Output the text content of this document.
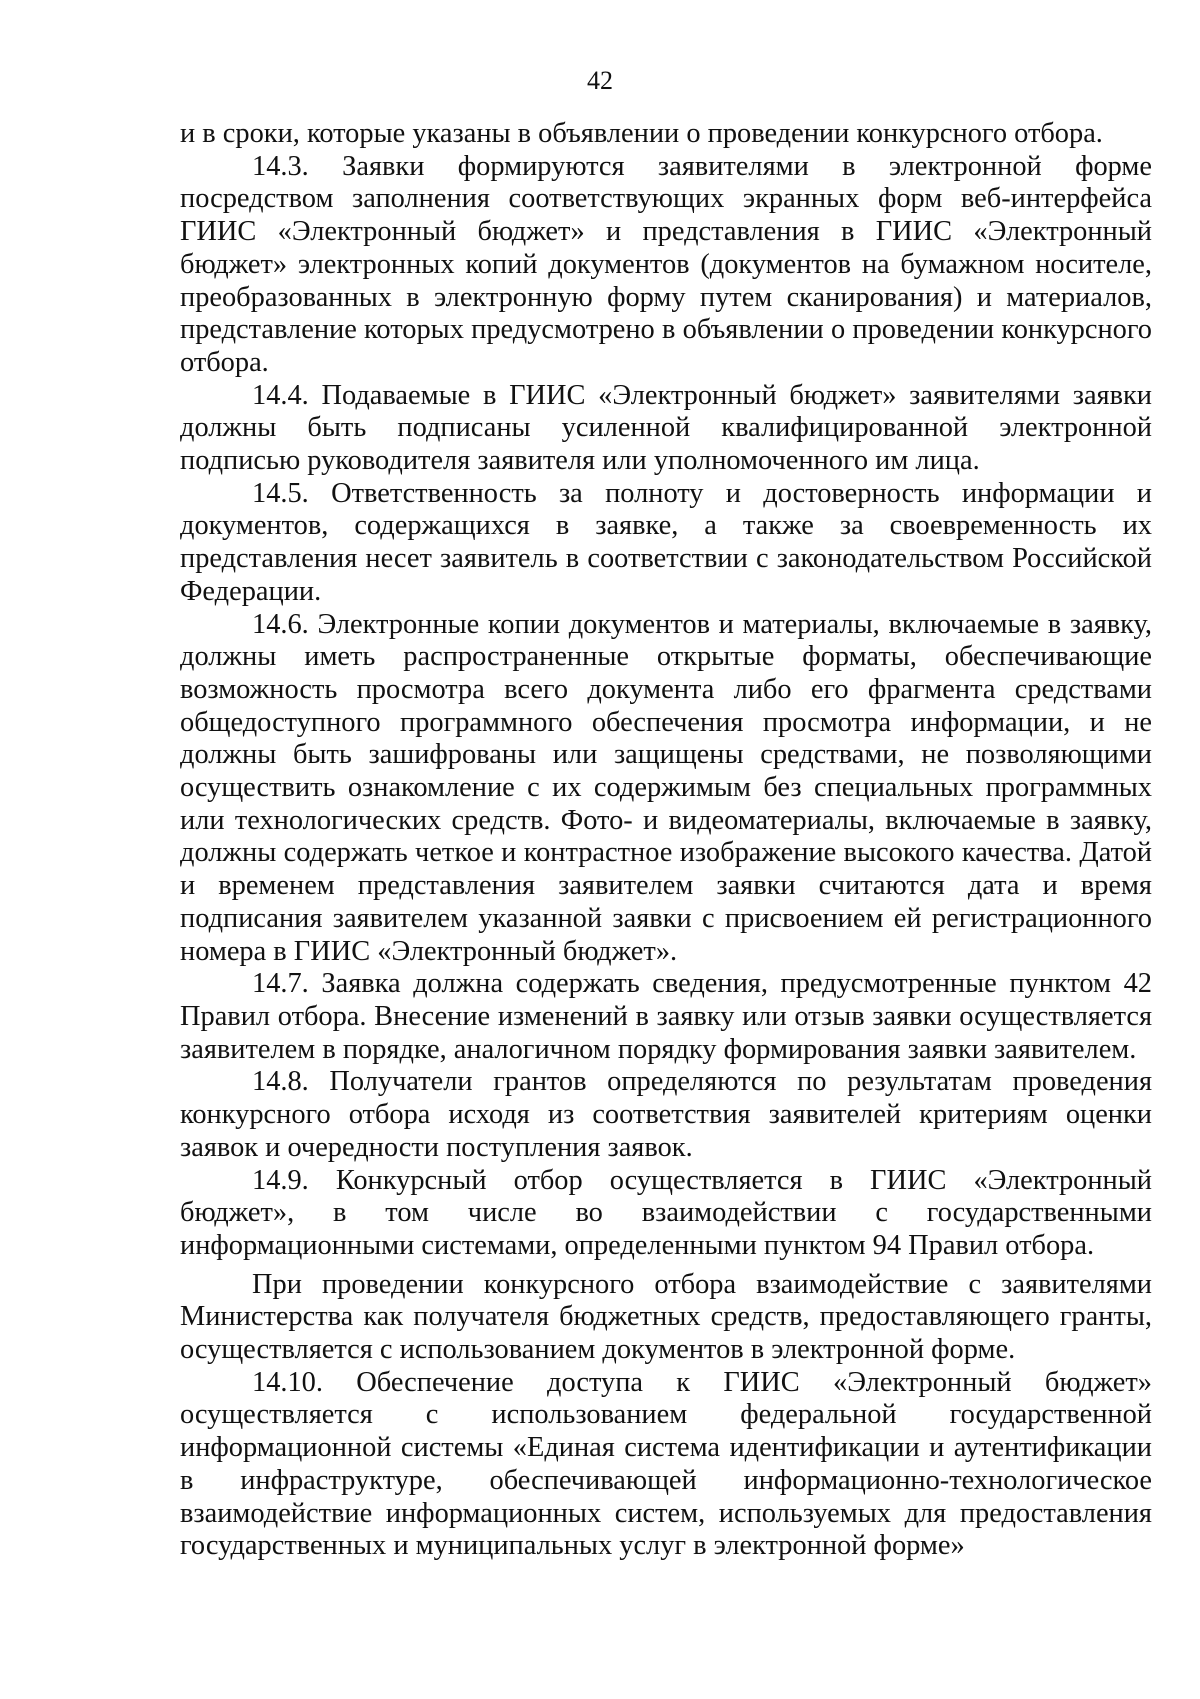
42

и в сроки, которые указаны в объявлении о проведении конкурсного отбора.

14.3. Заявки формируются заявителями в электронной форме посредством заполнения соответствующих экранных форм веб-интерфейса ГИИС «Электронный бюджет» и представления в ГИИС «Электронный бюджет» электронных копий документов (документов на бумажном носителе, преобразованных в электронную форму путем сканирования) и материалов, представление которых предусмотрено в объявлении о проведении конкурсного отбора.

14.4. Подаваемые в ГИИС «Электронный бюджет» заявителями заявки должны быть подписаны усиленной квалифицированной электронной подписью руководителя заявителя или уполномоченного им лица.

14.5. Ответственность за полноту и достоверность информации и документов, содержащихся в заявке, а также за своевременность их представления несет заявитель в соответствии с законодательством Российской Федерации.

14.6. Электронные копии документов и материалы, включаемые в заявку, должны иметь распространенные открытые форматы, обеспечивающие возможность просмотра всего документа либо его фрагмента средствами общедоступного программного обеспечения просмотра информации, и не должны быть зашифрованы или защищены средствами, не позволяющими осуществить ознакомление с их содержимым без специальных программных или технологических средств. Фото- и видеоматериалы, включаемые в заявку, должны содержать четкое и контрастное изображение высокого качества. Датой и временем представления заявителем заявки считаются дата и время подписания заявителем указанной заявки с присвоением ей регистрационного номера в ГИИС «Электронный бюджет».

14.7. Заявка должна содержать сведения, предусмотренные пунктом 42 Правил отбора. Внесение изменений в заявку или отзыв заявки осуществляется заявителем в порядке, аналогичном порядку формирования заявки заявителем.

14.8. Получатели грантов определяются по результатам проведения конкурсного отбора исходя из соответствия заявителей критериям оценки заявок и очередности поступления заявок.

14.9. Конкурсный отбор осуществляется в ГИИС «Электронный бюджет», в том числе во взаимодействии с государственными информационными системами, определенными пунктом 94 Правил отбора.

При проведении конкурсного отбора взаимодействие с заявителями Министерства как получателя бюджетных средств, предоставляющего гранты, осуществляется с использованием документов в электронной форме.

14.10. Обеспечение доступа к ГИИС «Электронный бюджет» осуществляется с использованием федеральной государственной информационной системы «Единая система идентификации и аутентификации в инфраструктуре, обеспечивающей информационно-технологическое взаимодействие информационных систем, используемых для предоставления государственных и муниципальных услуг в электронной форме»
